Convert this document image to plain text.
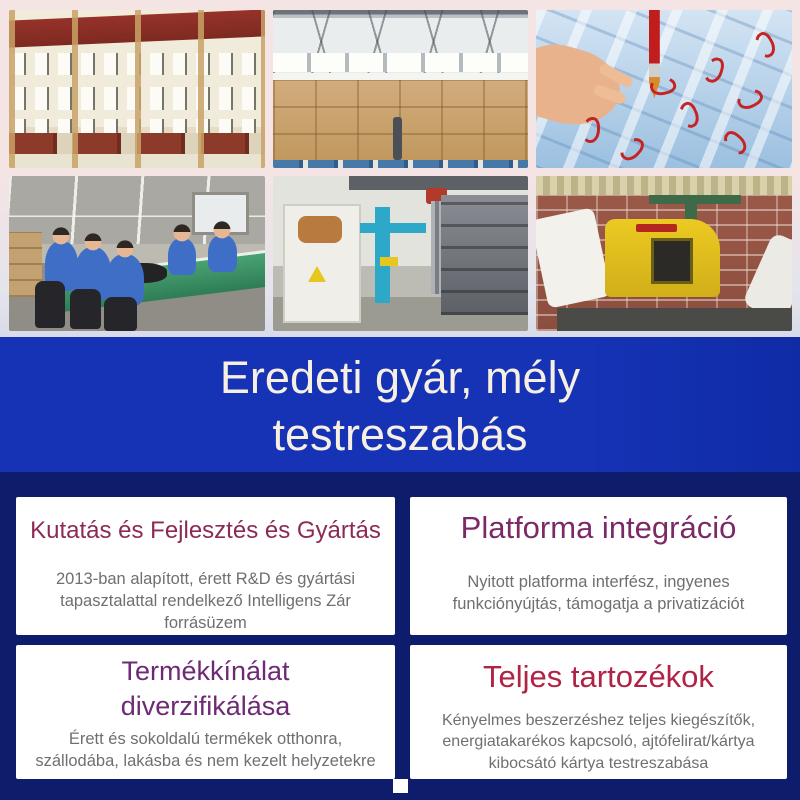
Eredeti gyár, mély
testreszabás
Kutatás és Fejlesztés és Gyártás

2013-ban alapított, érett R&D és gyártási tapasztalattal rendelkező Intelligens Zár forrásüzem

Platforma integráció

Nyitott platforma interfész, ingyenes funkciónyújtás, támogatja a privatizációt

Termékkínálat diverzifikálása

Érett és sokoldalú termékek otthonra, szállodába, lakásba és nem kezelt helyzetekre

Teljes tartozékok

Kényelmes beszerzéshez teljes kiegészítők, energiatakarékos kapcsoló, ajtófelirat/kártya kibocsátó kártya testreszabása
